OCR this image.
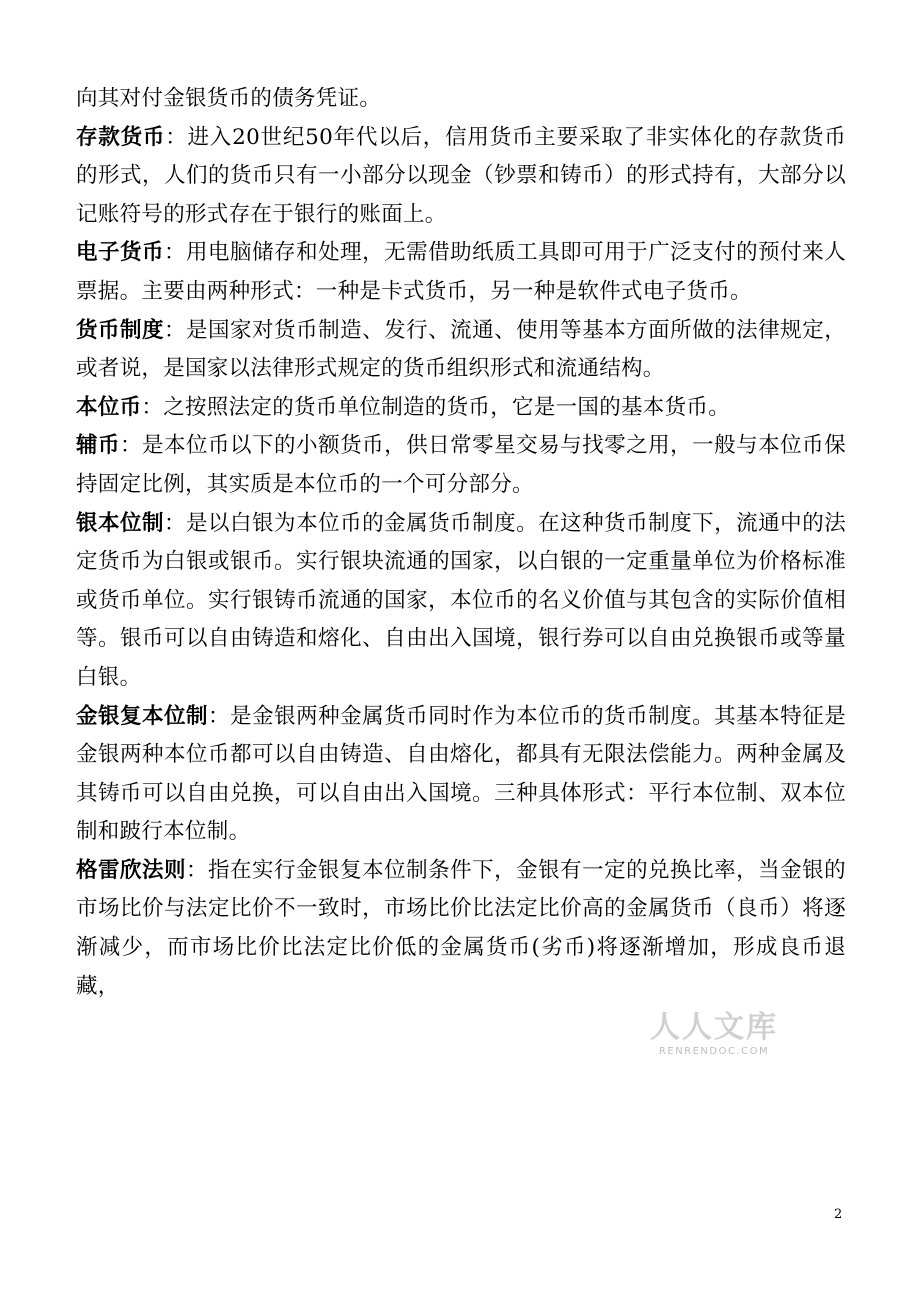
向其对付金银货币的债务凭证。

存款货币：进入20世纪50年代以后，信用货币主要采取了非实体化的存款货币的形式，人们的货币只有一小部分以现金（钞票和铸币）的形式持有，大部分以记账符号的形式存在于银行的账面上。

电子货币：用电脑储存和处理，无需借助纸质工具即可用于广泛支付的预付来人票据。主要由两种形式：一种是卡式货币，另一种是软件式电子货币。

货币制度：是国家对货币制造、发行、流通、使用等基本方面所做的法律规定，或者说，是国家以法律形式规定的货币组织形式和流通结构。

本位币：之按照法定的货币单位制造的货币，它是一国的基本货币。

辅币：是本位币以下的小额货币，供日常零星交易与找零之用，一般与本位币保持固定比例，其实质是本位币的一个可分部分。

银本位制：是以白银为本位币的金属货币制度。在这种货币制度下，流通中的法定货币为白银或银币。实行银块流通的国家，以白银的一定重量单位为价格标准或货币单位。实行银铸币流通的国家，本位币的名义价值与其包含的实际价值相等。银币可以自由铸造和熔化、自由出入国境，银行券可以自由兑换银币或等量白银。

金银复本位制：是金银两种金属货币同时作为本位币的货币制度。其基本特征是金银两种本位币都可以自由铸造、自由熔化，都具有无限法偿能力。两种金属及其铸币可以自由兑换，可以自由出入国境。三种具体形式：平行本位制、双本位制和跛行本位制。

格雷欣法则：指在实行金银复本位制条件下，金银有一定的兑换比率，当金银的市场比价与法定比价不一致时，市场比价比法定比价高的金属货币（良币）将逐渐减少，而市场比价比法定比价低的金属货币(劣币)将逐渐增加，形成良币退藏，

人人文库
RENRENDOC.COM
2
